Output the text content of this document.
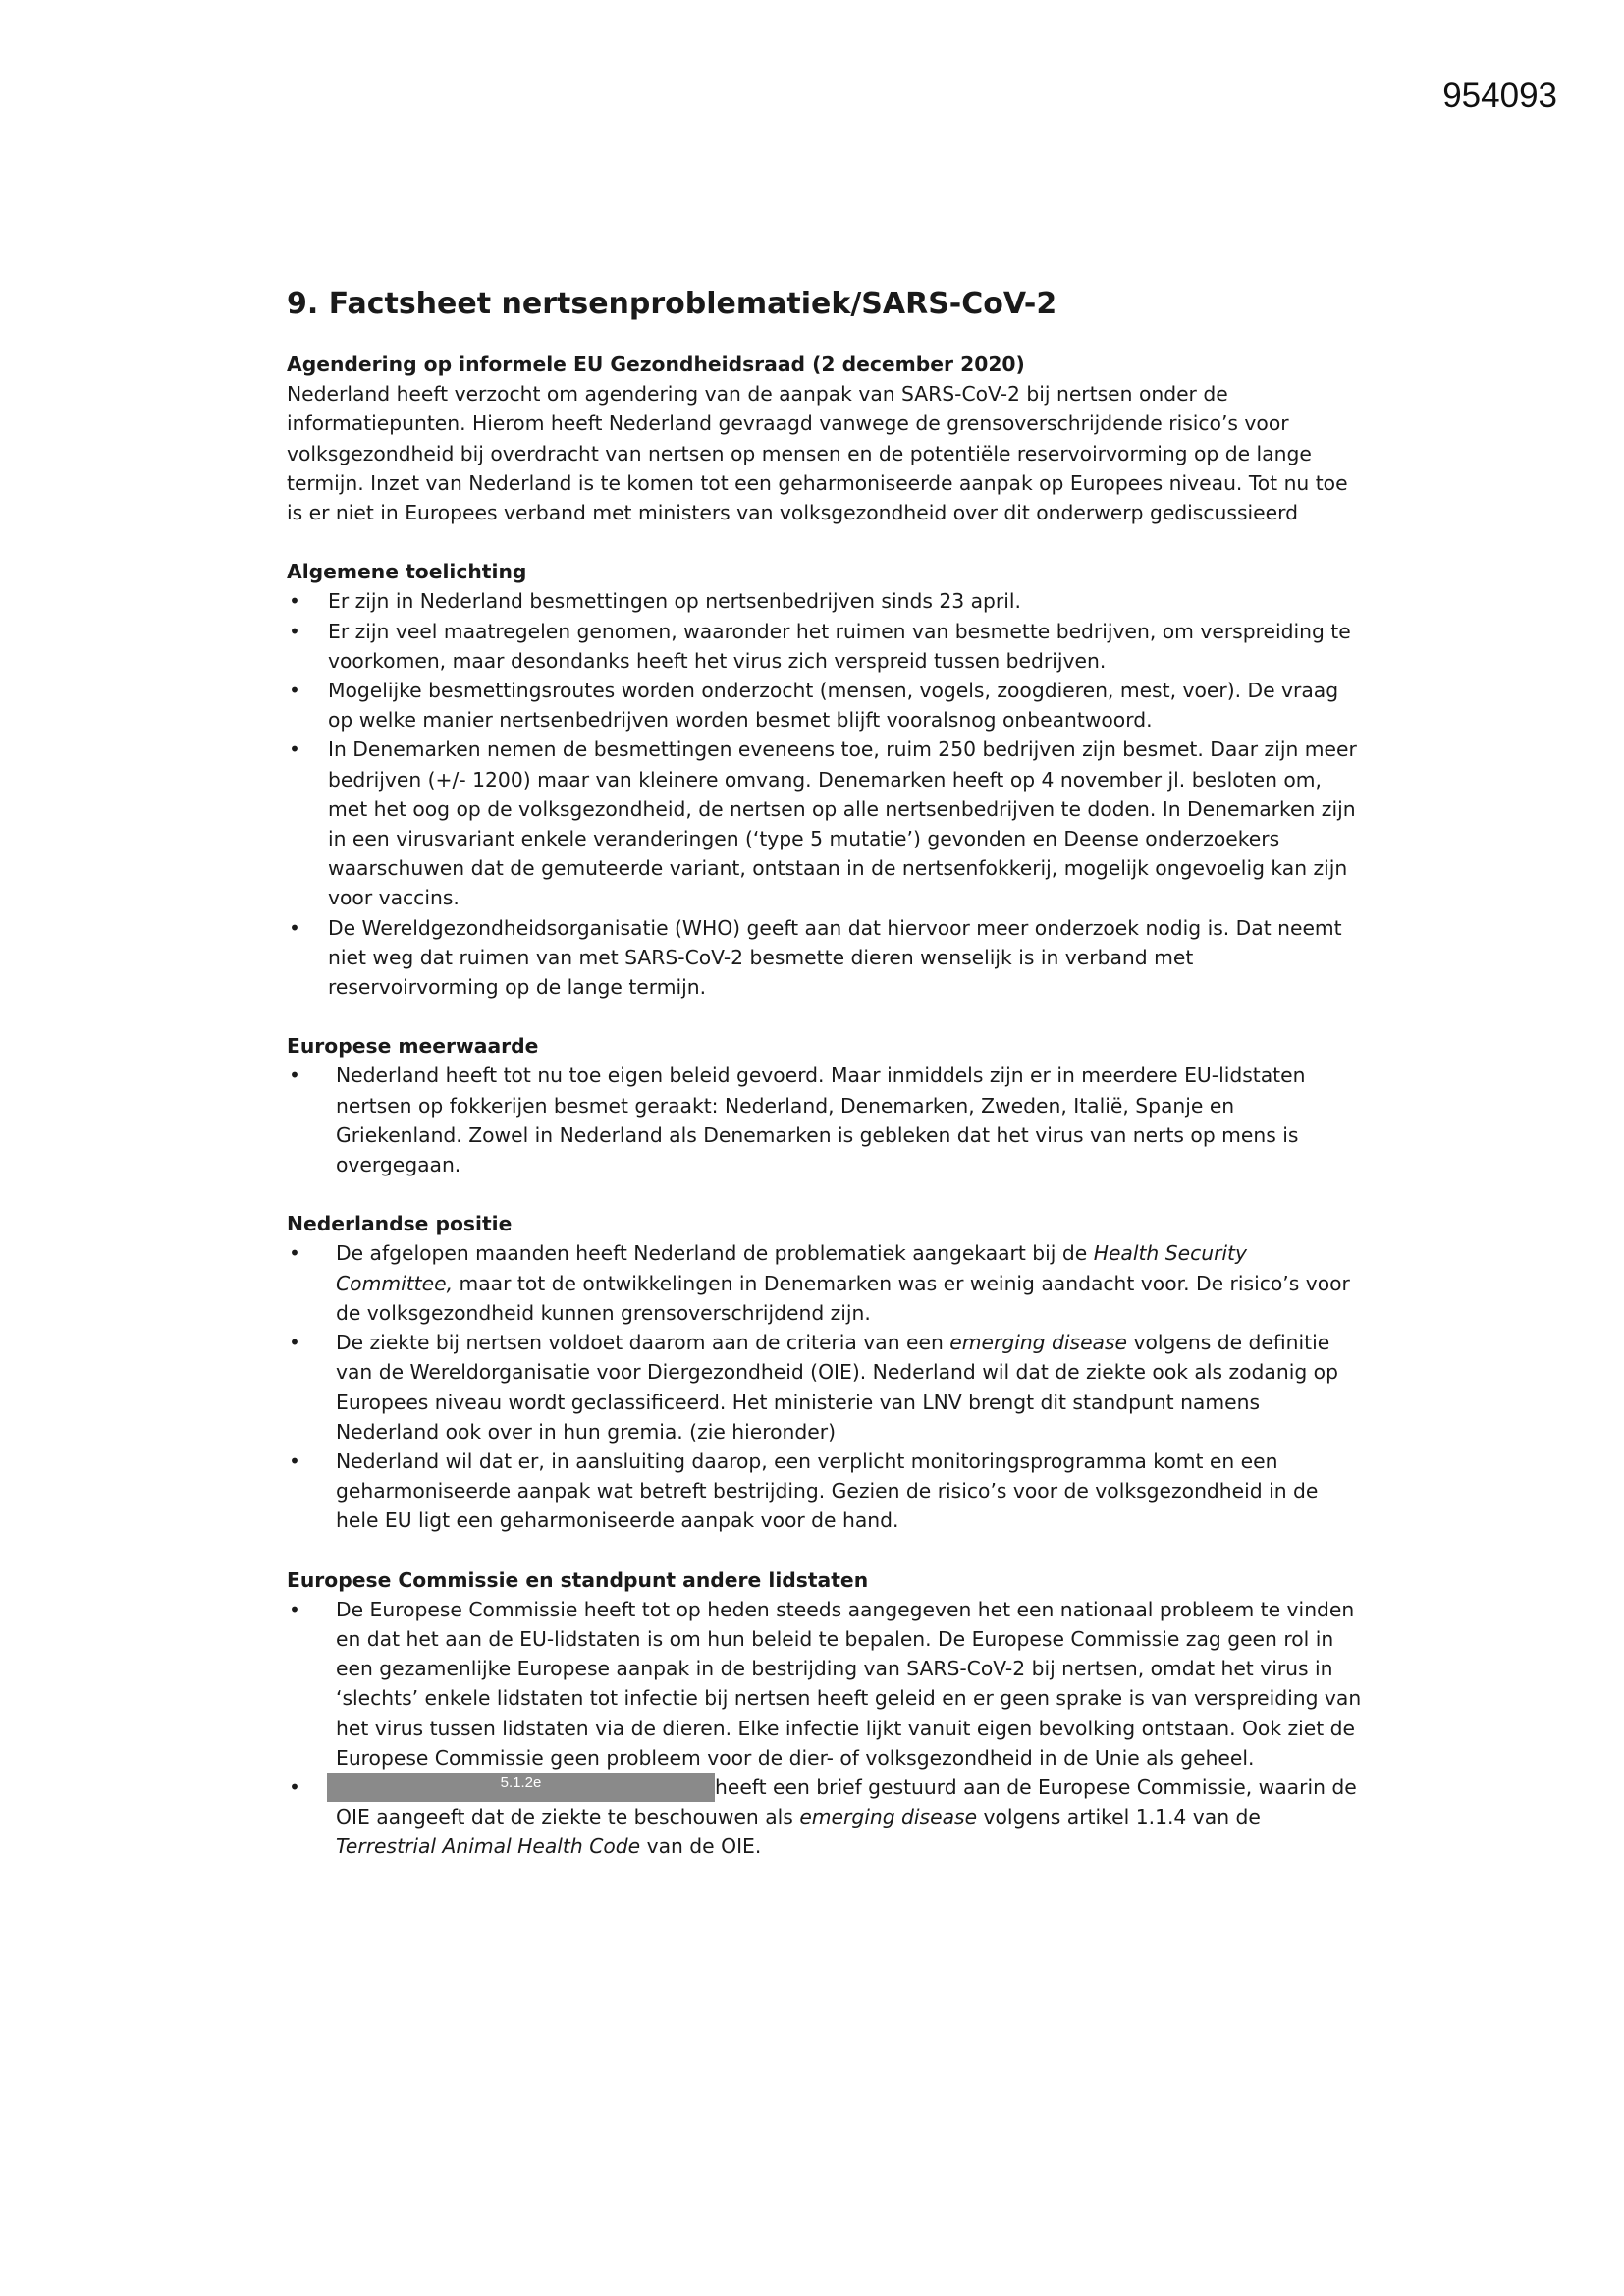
954093
9. Factsheet nertsenproblematiek/SARS-CoV-2

Agendering op informele EU Gezondheidsraad (2 december 2020)

Nederland heeft verzocht om agendering van de aanpak van SARS-CoV-2 bij nertsen onder de informatiepunten. Hierom heeft Nederland gevraagd vanwege de grensoverschrijdende risico’s voor volksgezondheid bij overdracht van nertsen op mensen en de potentiële reservoirvorming op de lange termijn. Inzet van Nederland is te komen tot een geharmoniseerde aanpak op Europees niveau. Tot nu toe is er niet in Europees verband met ministers van volksgezondheid over dit onderwerp gediscussieerd

Algemene toelichting

• Er zijn in Nederland besmettingen op nertsenbedrijven sinds 23 april.
• Er zijn veel maatregelen genomen, waaronder het ruimen van besmette bedrijven, om verspreiding te voorkomen, maar desondanks heeft het virus zich verspreid tussen bedrijven.
• Mogelijke besmettingsroutes worden onderzocht (mensen, vogels, zoogdieren, mest, voer). De vraag op welke manier nertsenbedrijven worden besmet blijft vooralsnog onbeantwoord.
• In Denemarken nemen de besmettingen eveneens toe, ruim 250 bedrijven zijn besmet. Daar zijn meer bedrijven (+/- 1200) maar van kleinere omvang. Denemarken heeft op 4 november jl. besloten om, met het oog op de volksgezondheid, de nertsen op alle nertsenbedrijven te doden. In Denemarken zijn in een virusvariant enkele veranderingen (‘type 5 mutatie’) gevonden en Deense onderzoekers waarschuwen dat de gemuteerde variant, ontstaan in de nertsenfokkerij, mogelijk ongevoelig kan zijn voor vaccins.
• De Wereldgezondheidsorganisatie (WHO) geeft aan dat hiervoor meer onderzoek nodig is. Dat neemt niet weg dat ruimen van met SARS-CoV-2 besmette dieren wenselijk is in verband met reservoirvorming op de lange termijn.

Europese meerwaarde

• Nederland heeft tot nu toe eigen beleid gevoerd. Maar inmiddels zijn er in meerdere EU-lidstaten nertsen op fokkerijen besmet geraakt: Nederland, Denemarken, Zweden, Italië, Spanje en Griekenland. Zowel in Nederland als Denemarken is gebleken dat het virus van nerts op mens is overgegaan.

Nederlandse positie

• De afgelopen maanden heeft Nederland de problematiek aangekaart bij de Health Security Committee, maar tot de ontwikkelingen in Denemarken was er weinig aandacht voor. De risico’s voor de volksgezondheid kunnen grensoverschrijdend zijn.
• De ziekte bij nertsen voldoet daarom aan de criteria van een emerging disease volgens de definitie van de Wereldorganisatie voor Diergezondheid (OIE). Nederland wil dat de ziekte ook als zodanig op Europees niveau wordt geclassificeerd. Het ministerie van LNV brengt dit standpunt namens Nederland ook over in hun gremia. (zie hieronder)
• Nederland wil dat er, in aansluiting daarop, een verplicht monitoringsprogramma komt en een geharmoniseerde aanpak wat betreft bestrijding. Gezien de risico’s voor de volksgezondheid in de hele EU ligt een geharmoniseerde aanpak voor de hand.

Europese Commissie en standpunt andere lidstaten

• De Europese Commissie heeft tot op heden steeds aangegeven het een nationaal probleem te vinden en dat het aan de EU-lidstaten is om hun beleid te bepalen. De Europese Commissie zag geen rol in een gezamenlijke Europese aanpak in de bestrijding van SARS-CoV-2 bij nertsen, omdat het virus in ‘slechts’ enkele lidstaten tot infectie bij nertsen heeft geleid en er geen sprake is van verspreiding van het virus tussen lidstaten via de dieren. Elke infectie lijkt vanuit eigen bevolking ontstaan. Ook ziet de Europese Commissie geen probleem voor de dier- of volksgezondheid in de Unie als geheel.
•	5.1.2e	heeft een brief gestuurd aan de Europese Commissie, waarin de OIE aangeeft dat de ziekte te beschouwen als emerging disease volgens artikel 1.1.4 van de Terrestrial Animal Health Code van de OIE.
